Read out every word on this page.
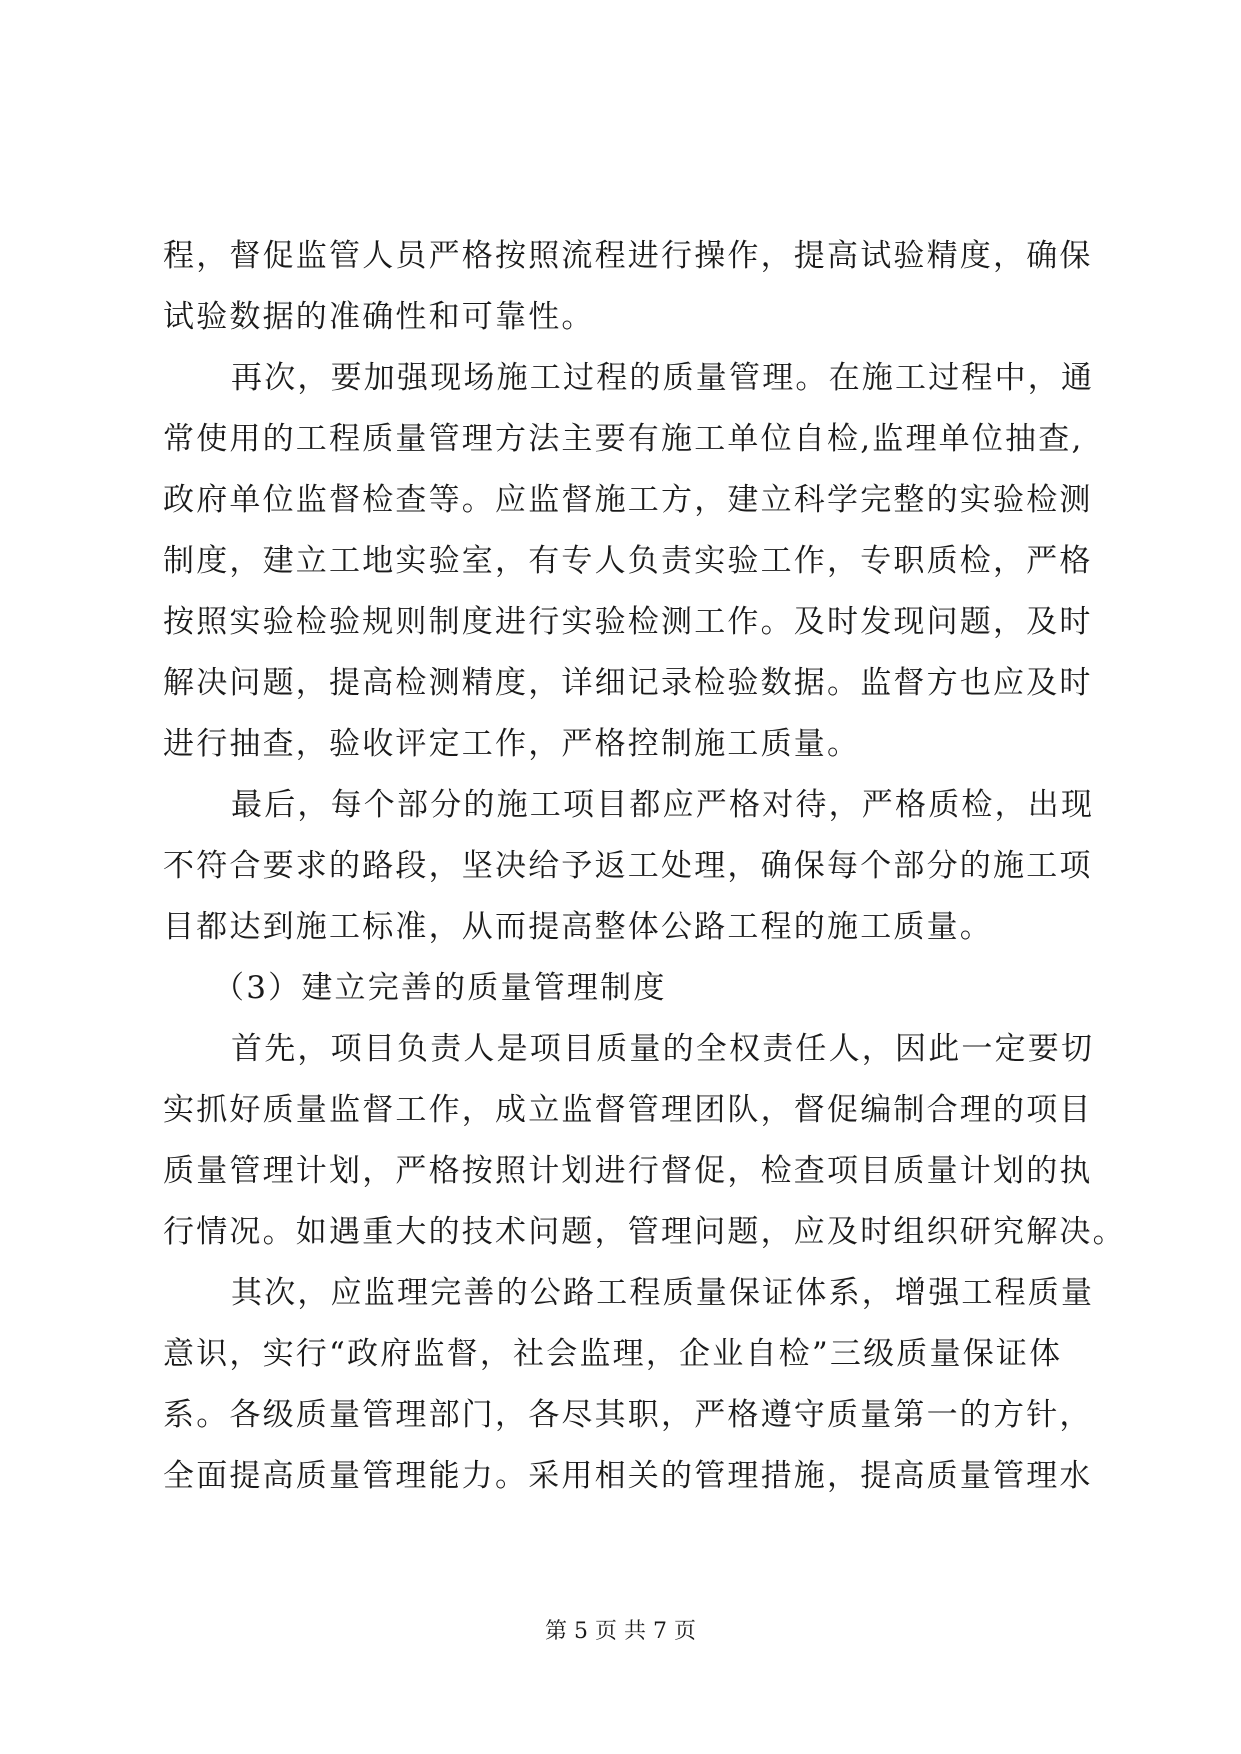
程，督促监管人员严格按照流程进行操作，提高试验精度，确保
试验数据的准确性和可靠性。
再次，要加强现场施工过程的质量管理。在施工过程中，通
常使用的工程质量管理方法主要有施工单位自检,监理单位抽查,
政府单位监督检查等。应监督施工方，建立科学完整的实验检测
制度，建立工地实验室，有专人负责实验工作，专职质检，严格
按照实验检验规则制度进行实验检测工作。及时发现问题，及时
解决问题，提高检测精度，详细记录检验数据。监督方也应及时
进行抽查，验收评定工作，严格控制施工质量。
最后，每个部分的施工项目都应严格对待，严格质检，出现
不符合要求的路段，坚决给予返工处理，确保每个部分的施工项
目都达到施工标准，从而提高整体公路工程的施工质量。
（3）建立完善的质量管理制度
首先，项目负责人是项目质量的全权责任人，因此一定要切
实抓好质量监督工作，成立监督管理团队，督促编制合理的项目
质量管理计划，严格按照计划进行督促，检查项目质量计划的执
行情况。如遇重大的技术问题，管理问题，应及时组织研究解决。
其次，应监理完善的公路工程质量保证体系，增强工程质量
意识，实行“政府监督，社会监理，企业自检”三级质量保证体
系。各级质量管理部门，各尽其职，严格遵守质量第一的方针，
全面提高质量管理能力。采用相关的管理措施，提高质量管理水
第 5 页 共 7 页
